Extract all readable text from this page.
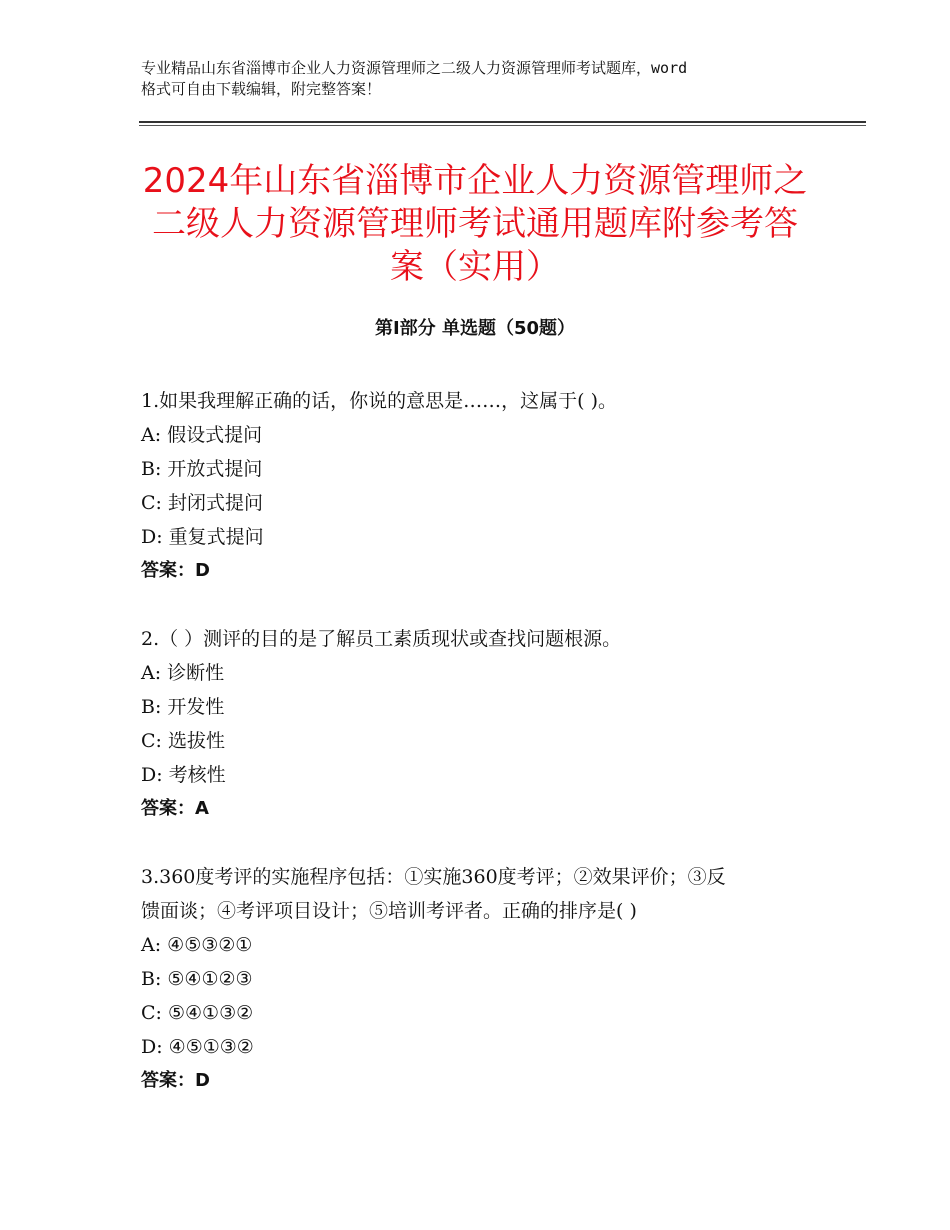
专业精品山东省淄博市企业人力资源管理师之二级人力资源管理师考试题库，word
格式可自由下载编辑，附完整答案！
2024年山东省淄博市企业人力资源管理师之
二级人力资源管理师考试通用题库附参考答
案（实用）
第Ⅰ部分 单选题（50题）
1.如果我理解正确的话，你说的意思是……，这属于( )。
A: 假设式提问
B: 开放式提问
C: 封闭式提问
D: 重复式提问
答案：D
2.（ ）测评的目的是了解员工素质现状或查找问题根源。
A: 诊断性
B: 开发性
C: 选拔性
D: 考核性
答案：A
3.360度考评的实施程序包括：①实施360度考评；②效果评价；③反
馈面谈；④考评项目设计；⑤培训考评者。正确的排序是( )
A: ④⑤③②①
B: ⑤④①②③
C: ⑤④①③②
D: ④⑤①③②
答案：D
